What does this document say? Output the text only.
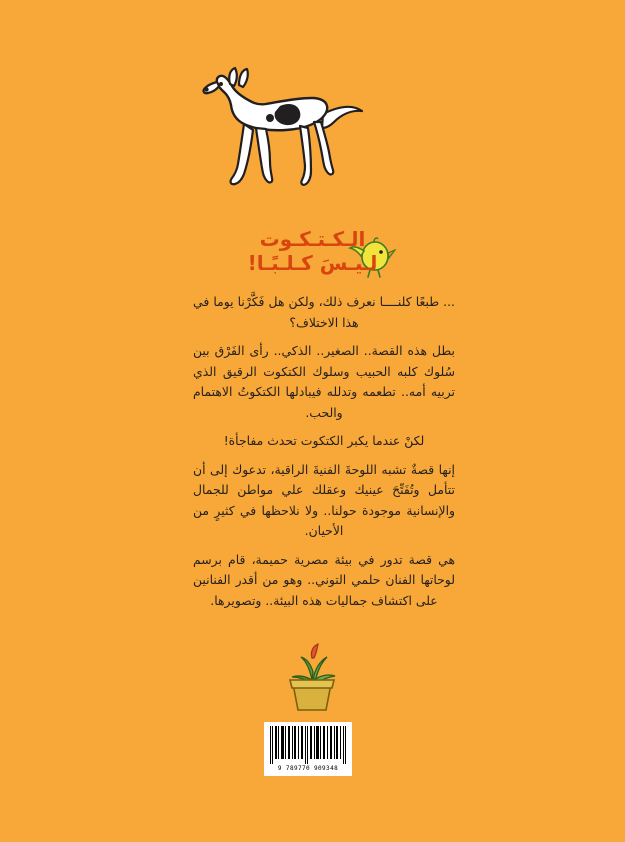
الـكـتـكـوت
لـيـسَ كـلـبًـا!

... طبعًا كلنــــا نعرف ذلك، ولكن هل فَكَّرْنا يوما في هذا الاختلاف؟

بطل هذه القصة.. الصغير.. الذكي.. رأى الفَرْق بين سُلوك كلبه الحبيب وسلوك الكتكوت الرقيق الذي تربيه أمه.. تطعمه وتدلله فيبادلها الكتكوتُ الاهتمام والحب.

لكنْ عندما يكبر الكتكوت تحدث مفاجأة!

إنها قصةٌ تشبه اللوحةَ الفنيةَ الراقية، تدعوك إلى أن تتأمل وتُفَتِّحَ عينيك وعقلك علي مواطن للجمال والإنسانية موجودة حولنا.. ولا نلاحظها في كثيرٍ من الأحيان.

هي قصة تدور في بيئة مصرية حميمة، قام برسم لوحاتها الفنان حلمي التوني.. وهو من أقدر الفنانين على اكتشاف جماليات هذه البيئة.. وتصويرها.

9 789770 909348
